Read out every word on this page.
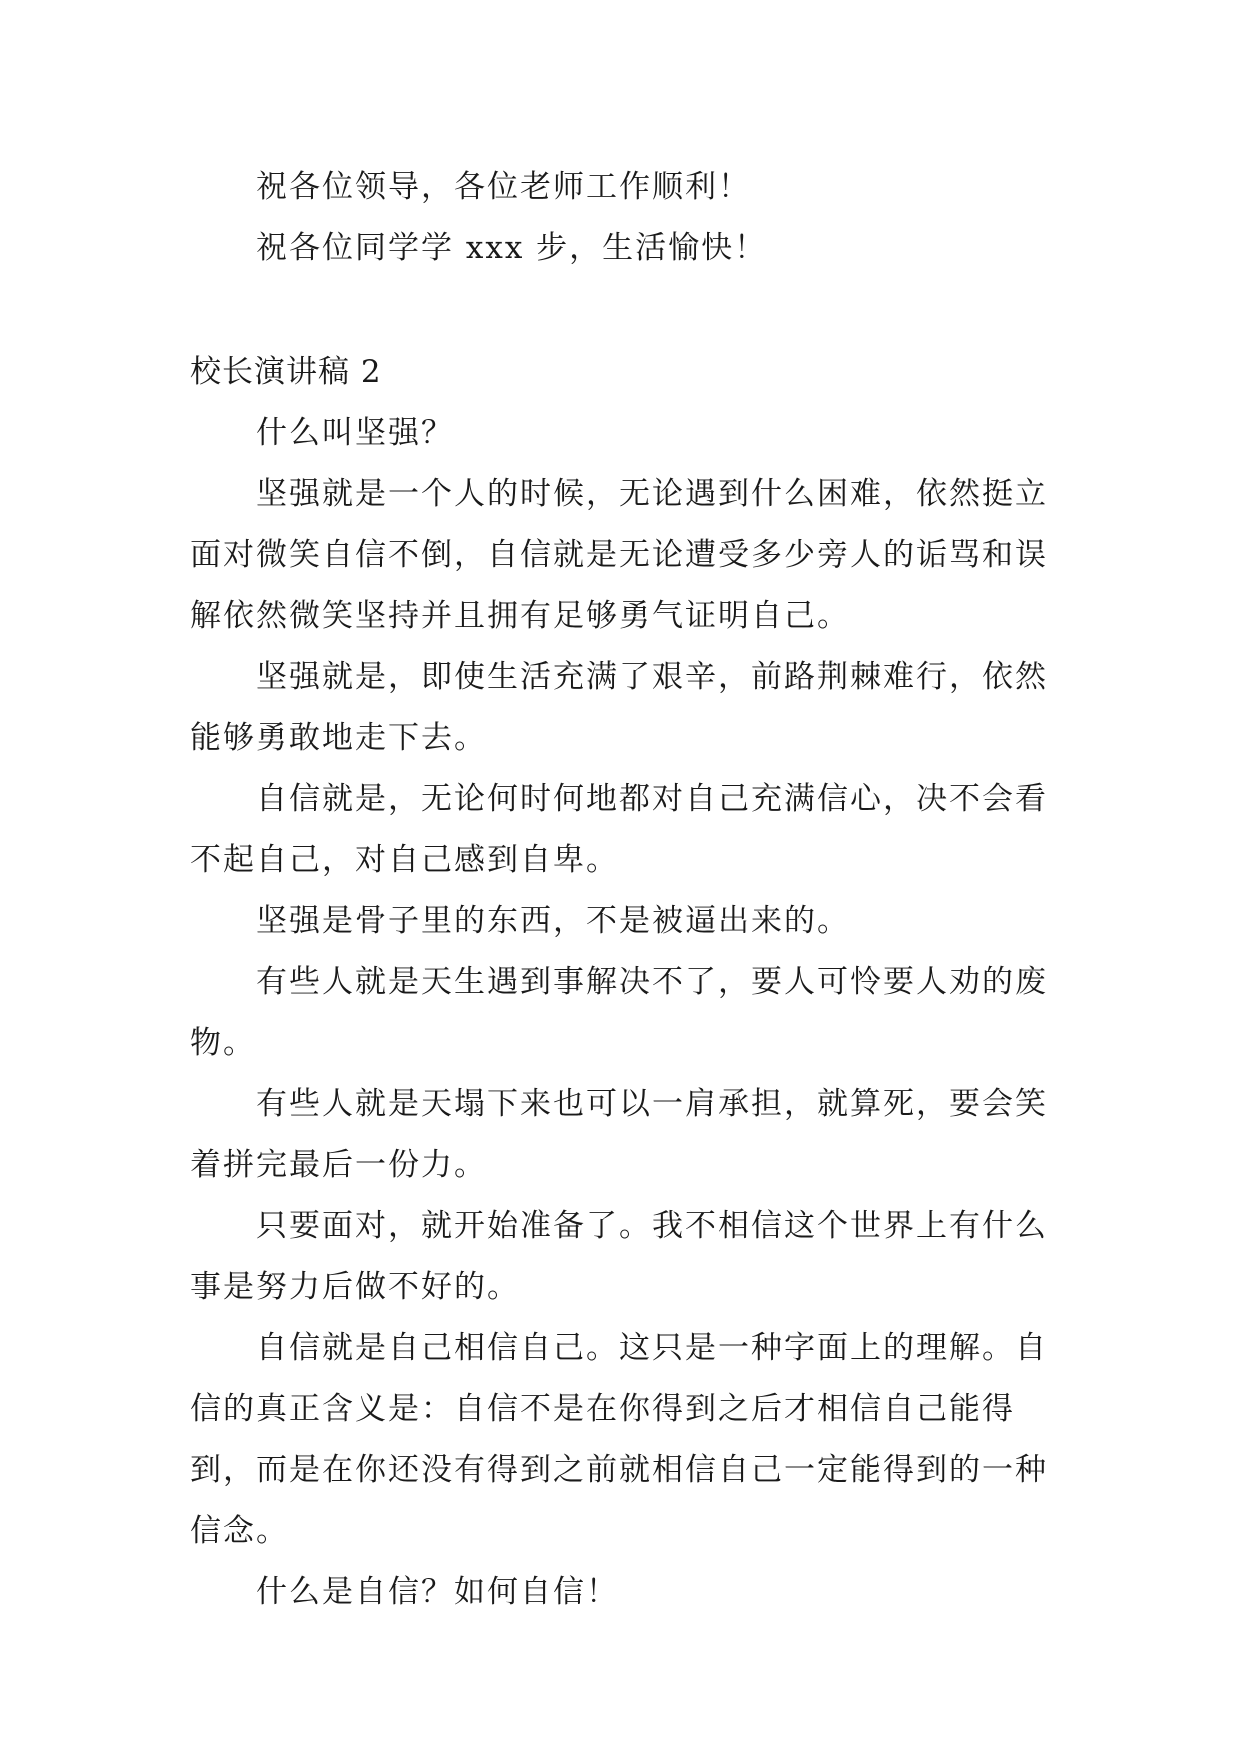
祝各位领导，各位老师工作顺利！

祝各位同学学 xxx 步，生活愉快！

校长演讲稿 2

什么叫坚强？

坚强就是一个人的时候，无论遇到什么困难，依然挺立面对微笑自信不倒，自信就是无论遭受多少旁人的诟骂和误解依然微笑坚持并且拥有足够勇气证明自己。

坚强就是，即使生活充满了艰辛，前路荆棘难行，依然能够勇敢地走下去。

自信就是，无论何时何地都对自己充满信心，决不会看不起自己，对自己感到自卑。

坚强是骨子里的东西，不是被逼出来的。

有些人就是天生遇到事解决不了，要人可怜要人劝的废物。

有些人就是天塌下来也可以一肩承担，就算死，要会笑着拼完最后一份力。

只要面对，就开始准备了。我不相信这个世界上有什么事是努力后做不好的。

自信就是自己相信自己。这只是一种字面上的理解。自信的真正含义是：自信不是在你得到之后才相信自己能得到，而是在你还没有得到之前就相信自己一定能得到的一种信念。

什么是自信？如何自信！
